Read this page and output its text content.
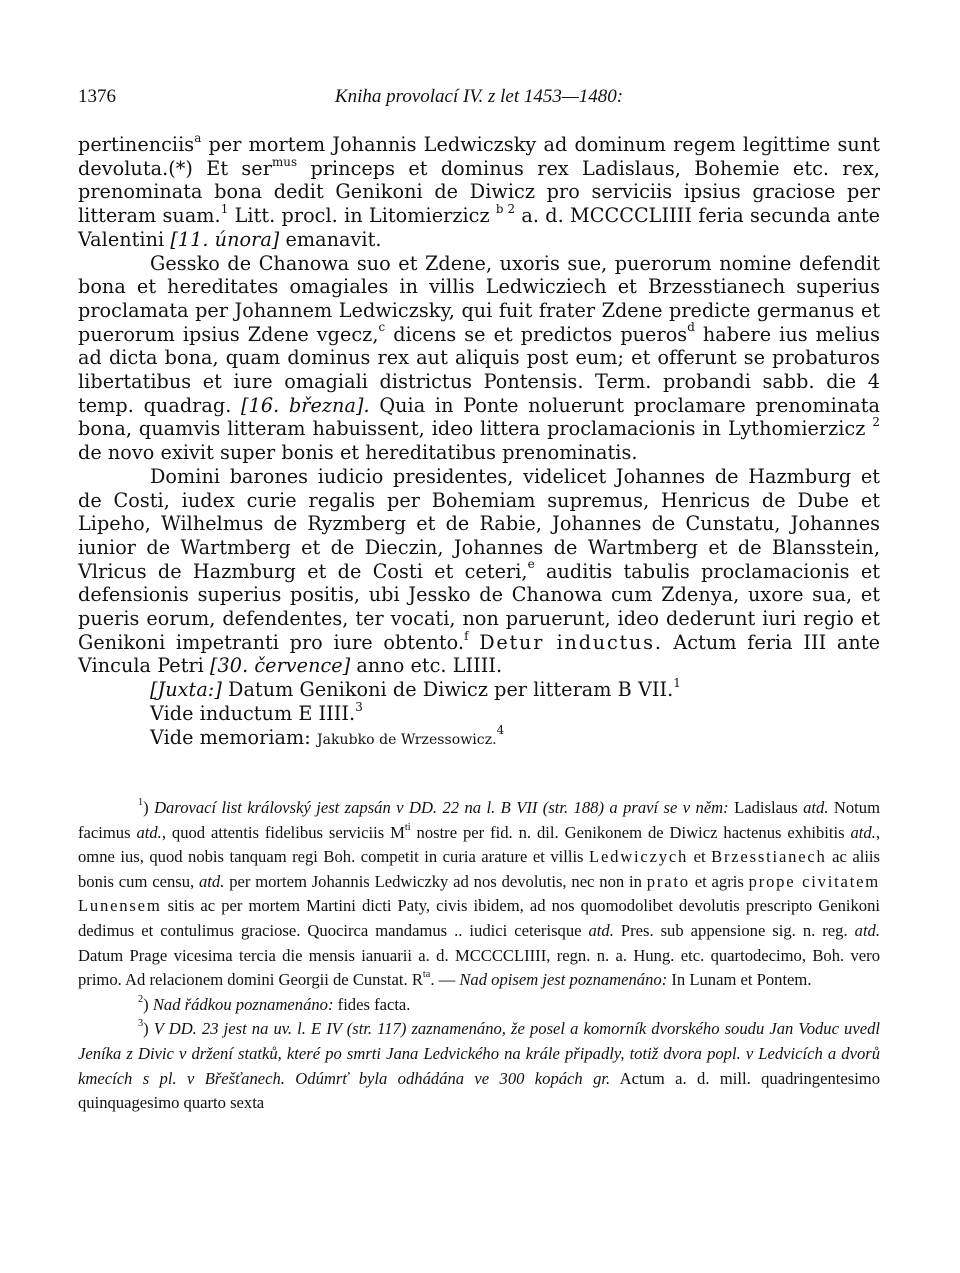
1376	Kniha provolací IV. z let 1453—1480:

pertinenciis$^a$ per mortem Johannis Ledwiczsky ad dominum regem legittime sunt devoluta.(*) Et ser$^{mus}$ princeps et dominus rex Ladislaus, Bohemie etc. rex, prenominata bona dedit Genikoni de Diwicz pro serviciis ipsius graciose per litteram suam.$^1$ Litt. procl. in Litomierzicz $^{b 2}$ a. d. MCCCCLIIII feria secunda ante Valentini [11. února] emanavit.

Gessko de Chanowa suo et Zdene, uxoris sue, puerorum nomine defendit bona et hereditates omagiales in villis Ledwicziech et Brzesstianech superius proclamata per Johannem Ledwiczsky, qui fuit frater Zdene predicte germanus et puerorum ipsius Zdene vgecz,$^c$ dicens se et predictos pueros$^d$ habere ius melius ad dicta bona, quam dominus rex aut aliquis post eum; et offerunt se probaturos libertatibus et iure omagiali districtus Pontensis. Term. probandi sabb. die 4 temp. quadrag. [16. března]. Quia in Ponte noluerunt proclamare prenominata bona, quamvis litteram habuissent, ideo littera proclamacionis in Lythomierzicz $^2$ de novo exivit super bonis et hereditatibus prenominatis.

Domini barones iudicio presidentes, videlicet Johannes de Hazmburg et de Costi, iudex curie regalis per Bohemiam supremus, Henricus de Dube et Lipeho, Wilhelmus de Ryzmberg et de Rabie, Johannes de Cunstatu, Johannes iunior de Wartmberg et de Dieczin, Johannes de Wartmberg et de Blansstein, Vlricus de Hazmburg et de Costi et ceteri,$^e$ auditis tabulis proclamacionis et defensionis superius positis, ubi Jessko de Chanowa cum Zdenya, uxore sua, et pueris eorum, defendentes, ter vocati, non paruerunt, ideo dederunt iuri regio et Genikoni impetranti pro iure obtento.$^f$ Detur inductus. Actum feria III ante Vincula Petri [30. července] anno etc. LIIII.

[Juxta:] Datum Genikoni de Diwicz per litteram B VII.$^1$

Vide inductum E IIII.$^3$

Vide memoriam: Jakubko de Wrzessowicz.$^4$

$^1$) Darovací list královský jest zapsán v DD. 22 na l. B VII (str. 188) a praví se v něm: Ladislaus atd. Notum facimus atd., quod attentis fidelibus serviciis $M^{ti}$ nostre per fid. n. dil. Genikonem de Diwicz hactenus exhibitis atd., omne ius, quod nobis tanquam regi Boh. competit in curia arature et villis Ledwiczych et Brzesstianech ac aliis bonis cum censu, atd. per mortem Johannis Ledwiczky ad nos devolutis, nec non in prato et agris prope civitatem Lunensem sitis ac per mortem Martini dicti Paty, civis ibidem, ad nos quomodolibet devolutis prescripto Genikoni dedimus et contulimus graciose. Quocirca mandamus .. iudici ceterisque atd. Pres. sub appensione sig. n. reg. atd. Datum Prage vicesima tercia die mensis ianuarii a. d. MCCCCLIIII, regn. n. a. Hung. etc. quartodecimo, Boh. vero primo. Ad relacionem domini Georgii de Cunstat. $R^{ta}$. — Nad opisem jest poznamenáno: In Lunam et Pontem.

$^2$) Nad řádkou poznamenáno: fides facta.

$^3$) V DD. 23 jest na uv. l. E IV (str. 117) zaznamenáno, že posel a komorník dvorského soudu Jan Voduc uvedl Jeníka z Divic v držení statků, které po smrti Jana Ledvického na krále připadly, totiž dvora popl. v Ledvicích a dvorů kmecích s pl. v Břešťanech. Odúmrť byla odhádána ve 300 kopách gr. Actum a. d. mill. quadringentesimo quinquagesimo quarto sexta
